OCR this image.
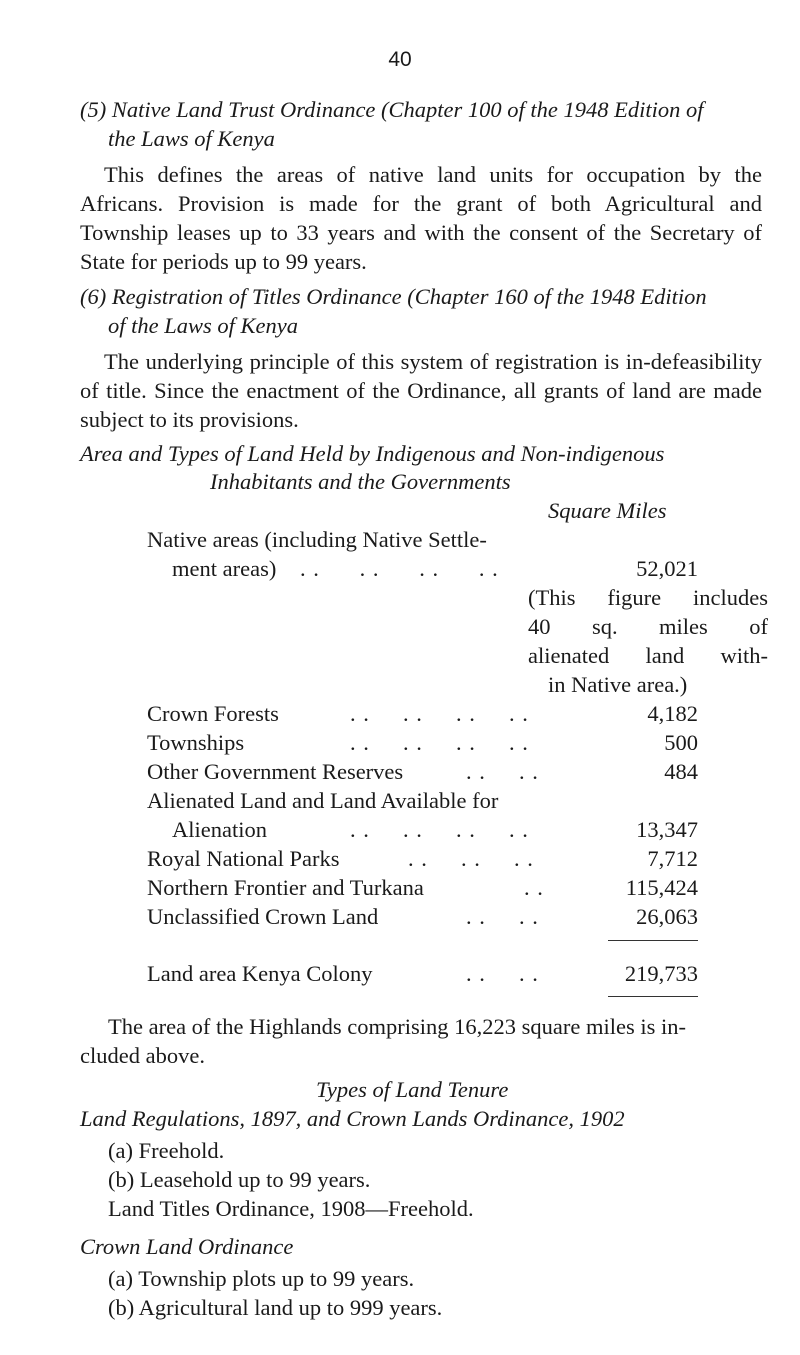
40
(5) Native Land Trust Ordinance (Chapter 100 of the 1948 Edition of
the Laws of Kenya
This defines the areas of native land units for occupation by the Africans. Provision is made for the grant of both Agricultural and Township leases up to 33 years and with the consent of the Secretary of State for periods up to 99 years.
(6) Registration of Titles Ordinance (Chapter 160 of the 1948 Edition
of the Laws of Kenya
The underlying principle of this system of registration is in-defeasibility of title. Since the enactment of the Ordinance, all grants of land are made subject to its provisions.
Area and Types of Land Held by Indigenous and Non-indigenous
Inhabitants and the Governments
Square Miles
Native areas (including Native Settle-
ment areas) . .      . .      . .      . .	52,021
(This figure includes
40 sq. miles of
alienated land with-
in Native area.)
Crown Forests	. .     . .     . .     . .	4,182
Townships	. .     . .     . .     . .	500
Other Government Reserves	. .     . .	484
Alienated Land and Land Available for
Alienation	. .     . .     . .     . .	13,347
Royal National Parks	. .     . .     . .	7,712
Northern Frontier and Turkana	. .	115,424
Unclassified Crown Land	. .     . .	26,063
Land area Kenya Colony	. .     . .	219,733
The area of the Highlands comprising 16,223 square miles is in-
cluded above.
Types of Land Tenure
Land Regulations, 1897, and Crown Lands Ordinance, 1902
(a) Freehold.
(b) Leasehold up to 99 years.
Land Titles Ordinance, 1908—Freehold.
Crown Land Ordinance
(a) Township plots up to 99 years.
(b) Agricultural land up to 999 years.
